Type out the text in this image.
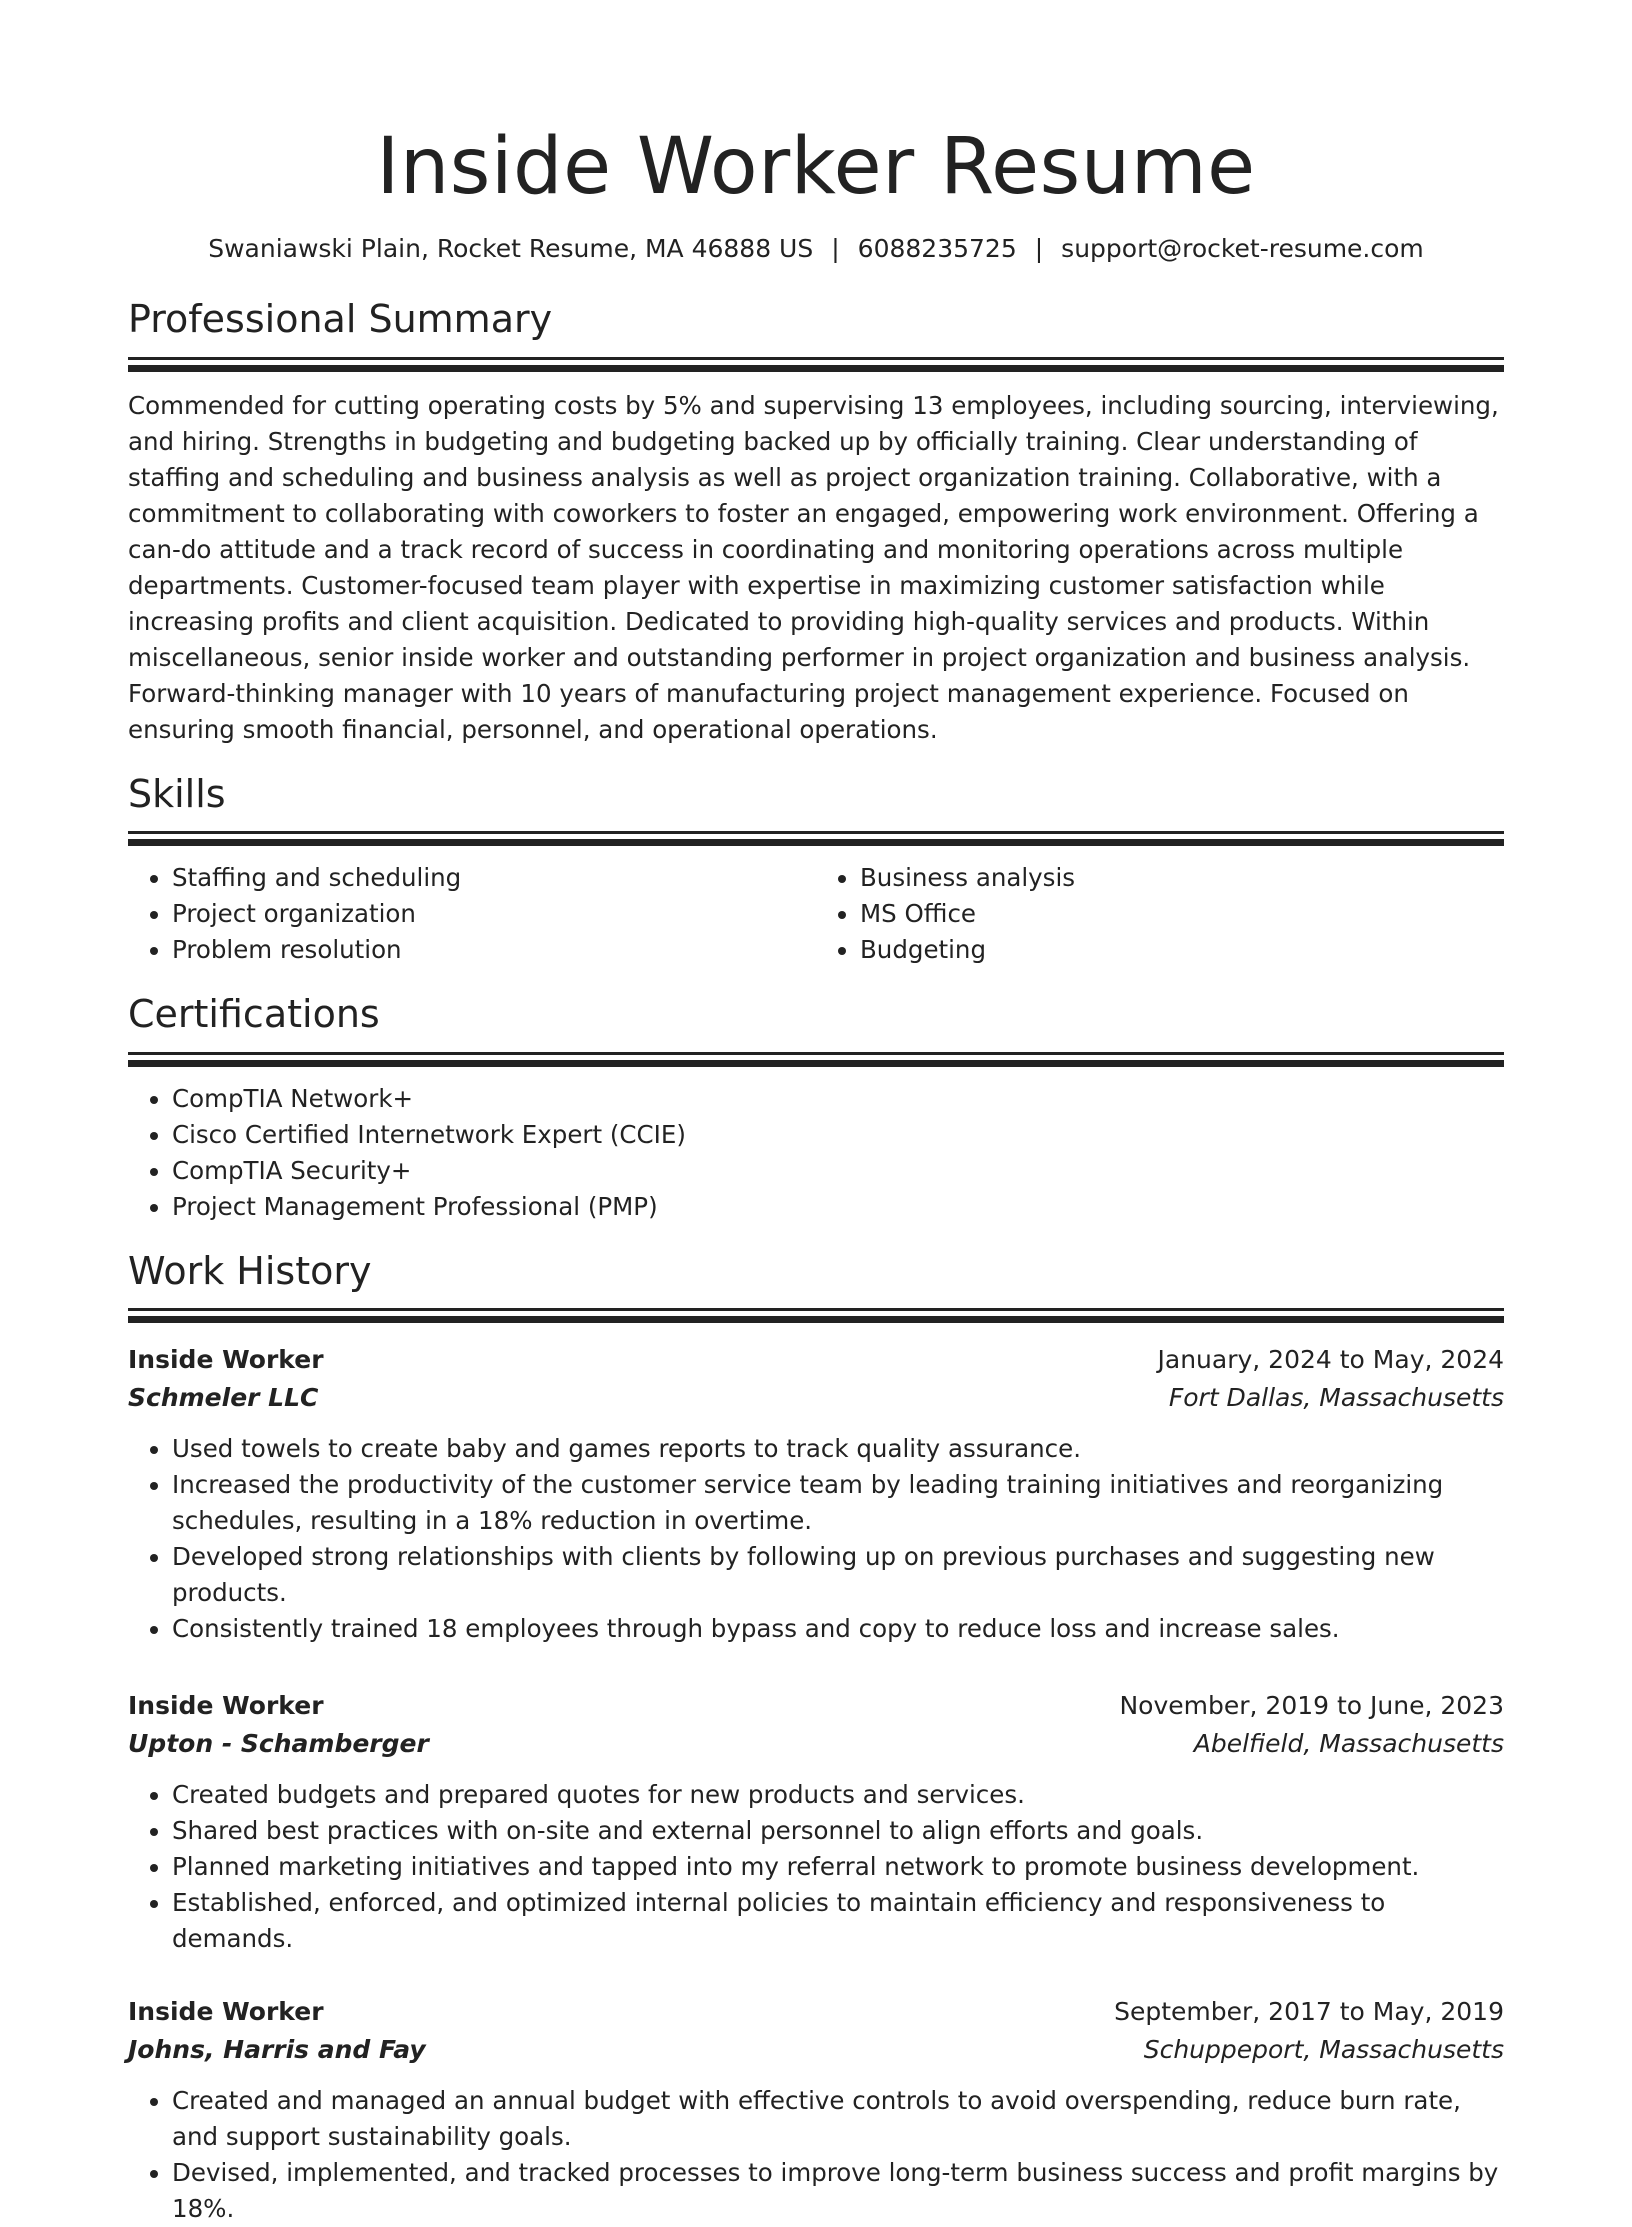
Inside Worker Resume
Swaniawski Plain, Rocket Resume, MA 46888 US | 6088235725 | support@rocket-resume.com
Professional Summary
Commended for cutting operating costs by 5% and supervising 13 employees, including sourcing, interviewing, and hiring. Strengths in budgeting and budgeting backed up by officially training. Clear understanding of staffing and scheduling and business analysis as well as project organization training. Collaborative, with a commitment to collaborating with coworkers to foster an engaged, empowering work environment. Offering a can-do attitude and a track record of success in coordinating and monitoring operations across multiple departments. Customer-focused team player with expertise in maximizing customer satisfaction while increasing profits and client acquisition. Dedicated to providing high-quality services and products. Within miscellaneous, senior inside worker and outstanding performer in project organization and business analysis. Forward-thinking manager with 10 years of manufacturing project management experience. Focused on ensuring smooth financial, personnel, and operational operations.
Skills
• Staffing and scheduling
• Project organization
• Problem resolution
• Business analysis
• MS Office
• Budgeting
Certifications
• CompTIA Network+
• Cisco Certified Internetwork Expert (CCIE)
• CompTIA Security+
• Project Management Professional (PMP)
Work History
Inside Worker	January, 2024 to May, 2024
Schmeler LLC	Fort Dallas, Massachusetts
• Used towels to create baby and games reports to track quality assurance.
• Increased the productivity of the customer service team by leading training initiatives and reorganizing schedules, resulting in a 18% reduction in overtime.
• Developed strong relationships with clients by following up on previous purchases and suggesting new products.
• Consistently trained 18 employees through bypass and copy to reduce loss and increase sales.
Inside Worker	November, 2019 to June, 2023
Upton - Schamberger	Abelfield, Massachusetts
• Created budgets and prepared quotes for new products and services.
• Shared best practices with on-site and external personnel to align efforts and goals.
• Planned marketing initiatives and tapped into my referral network to promote business development.
• Established, enforced, and optimized internal policies to maintain efficiency and responsiveness to demands.
Inside Worker	September, 2017 to May, 2019
Johns, Harris and Fay	Schuppeport, Massachusetts
• Created and managed an annual budget with effective controls to avoid overspending, reduce burn rate, and support sustainability goals.
• Devised, implemented, and tracked processes to improve long-term business success and profit margins by 18%.
